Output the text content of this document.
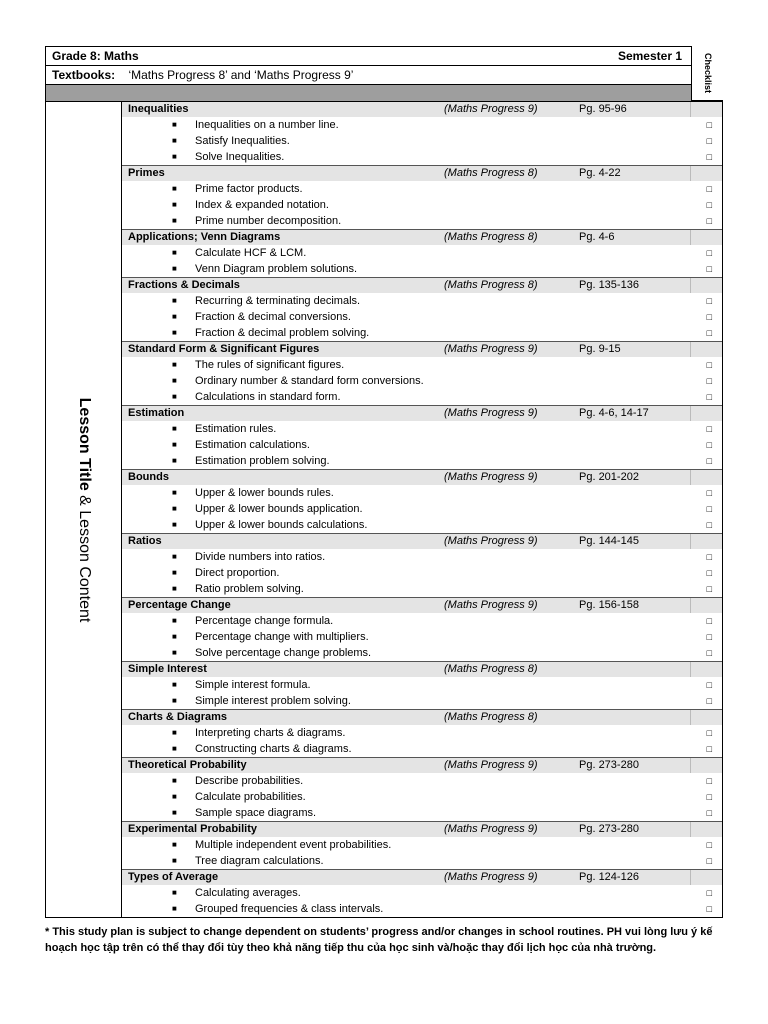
Grade 8: Maths	Semester 1
Textbooks: ‘Maths Progress 8’ and ‘Maths Progress 9’	Checklist
Lesson Title & Lesson Content
Inequalities	(Maths Progress 9)	Pg. 95-96
■ Inequalities on a number line.	□
■ Satisfy Inequalities.	□
■ Solve Inequalities.	□
Primes	(Maths Progress 8)	Pg. 4-22
■ Prime factor products.	□
■ Index & expanded notation.	□
■ Prime number decomposition.	□
Applications; Venn Diagrams	(Maths Progress 8)	Pg. 4-6
■ Calculate HCF & LCM.	□
■ Venn Diagram problem solutions.	□
Fractions & Decimals	(Maths Progress 8)	Pg. 135-136
■ Recurring & terminating decimals.	□
■ Fraction & decimal conversions.	□
■ Fraction & decimal problem solving.	□
Standard Form & Significant Figures	(Maths Progress 9)	Pg. 9-15
■ The rules of significant figures.	□
■ Ordinary number & standard form conversions.	□
■ Calculations in standard form.	□
Estimation	(Maths Progress 9)	Pg. 4-6, 14-17
■ Estimation rules.	□
■ Estimation calculations.	□
■ Estimation problem solving.	□
Bounds	(Maths Progress 9)	Pg. 201-202
■ Upper & lower bounds rules.	□
■ Upper & lower bounds application.	□
■ Upper & lower bounds calculations.	□
Ratios	(Maths Progress 9)	Pg. 144-145
■ Divide numbers into ratios.	□
■ Direct proportion.	□
■ Ratio problem solving.	□
Percentage Change	(Maths Progress 9)	Pg. 156-158
■ Percentage change formula.	□
■ Percentage change with multipliers.	□
■ Solve percentage change problems.	□
Simple Interest	(Maths Progress 8)
■ Simple interest formula.	□
■ Simple interest problem solving.	□
Charts & Diagrams	(Maths Progress 8)
■ Interpreting charts & diagrams.	□
■ Constructing charts & diagrams.	□
Theoretical Probability	(Maths Progress 9)	Pg. 273-280
■ Describe probabilities.	□
■ Calculate probabilities.	□
■ Sample space diagrams.	□
Experimental Probability	(Maths Progress 9)	Pg. 273-280
■ Multiple independent event probabilities.	□
■ Tree diagram calculations.	□
Types of Average	(Maths Progress 9)	Pg. 124-126
■ Calculating averages.	□
■ Grouped frequencies & class intervals.	□
* This study plan is subject to change dependent on students’ progress and/or changes in school routines. PH vui lòng lưu ý kế hoạch học tập trên có thể thay đổi tùy theo khả năng tiếp thu của học sinh và/hoặc thay đổi lịch học của nhà trường.
